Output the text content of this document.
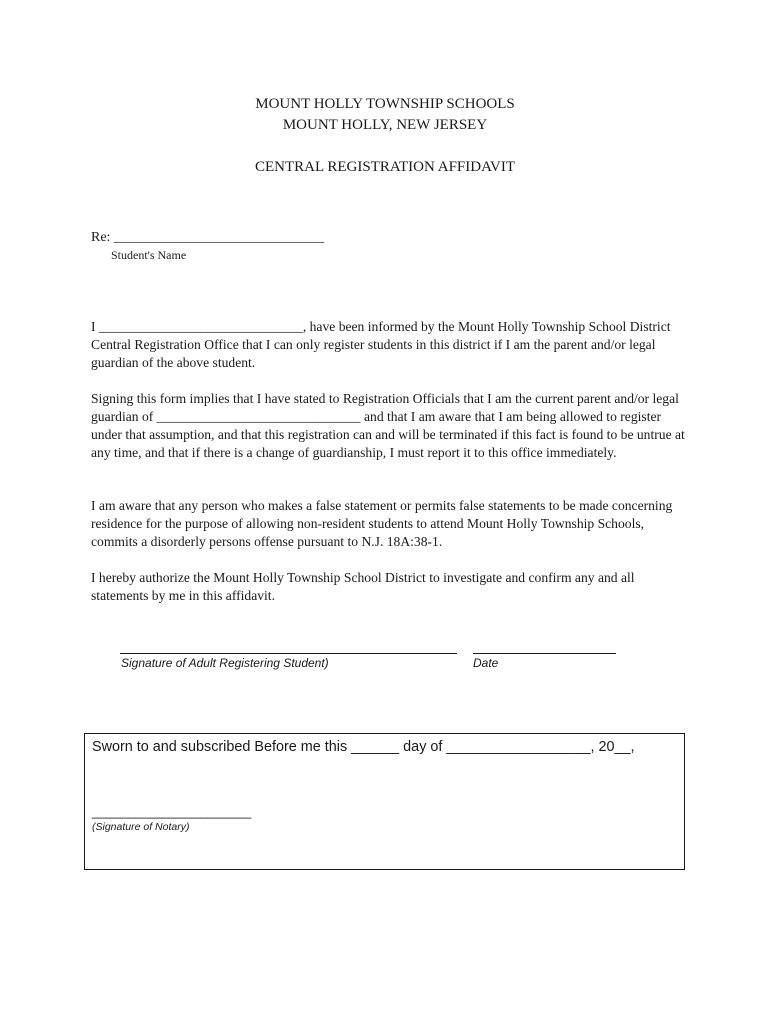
MOUNT HOLLY TOWNSHIP SCHOOLS
MOUNT HOLLY, NEW JERSEY
CENTRAL REGISTRATION AFFIDAVIT
Re: ______________________________
Student's Name

I ______________________________, have been informed by the Mount Holly Township School District Central Registration Office that I can only register students in this district if I am the parent and/or legal guardian of the above student.

Signing this form implies that I have stated to Registration Officials that I am the current parent and/or legal guardian of ______________________________ and that I am aware that I am being allowed to register under that assumption, and that this registration can and will be terminated if this fact is found to be untrue at any time, and that if there is a change of guardianship, I must report it to this office immediately.

I am aware that any person who makes a false statement or permits false statements to be made concerning residence for the purpose of allowing non-resident students to attend Mount Holly Township Schools, commits a disorderly persons offense pursuant to N.J. 18A:38-1.

I hereby authorize the Mount Holly Township School District to investigate and confirm any and all statements by me in this affidavit.

Signature of Adult Registering Student)	Date
Sworn to and subscribed Before me this ______ day of __________________, 20__,
______________________
(Signature of Notary)
